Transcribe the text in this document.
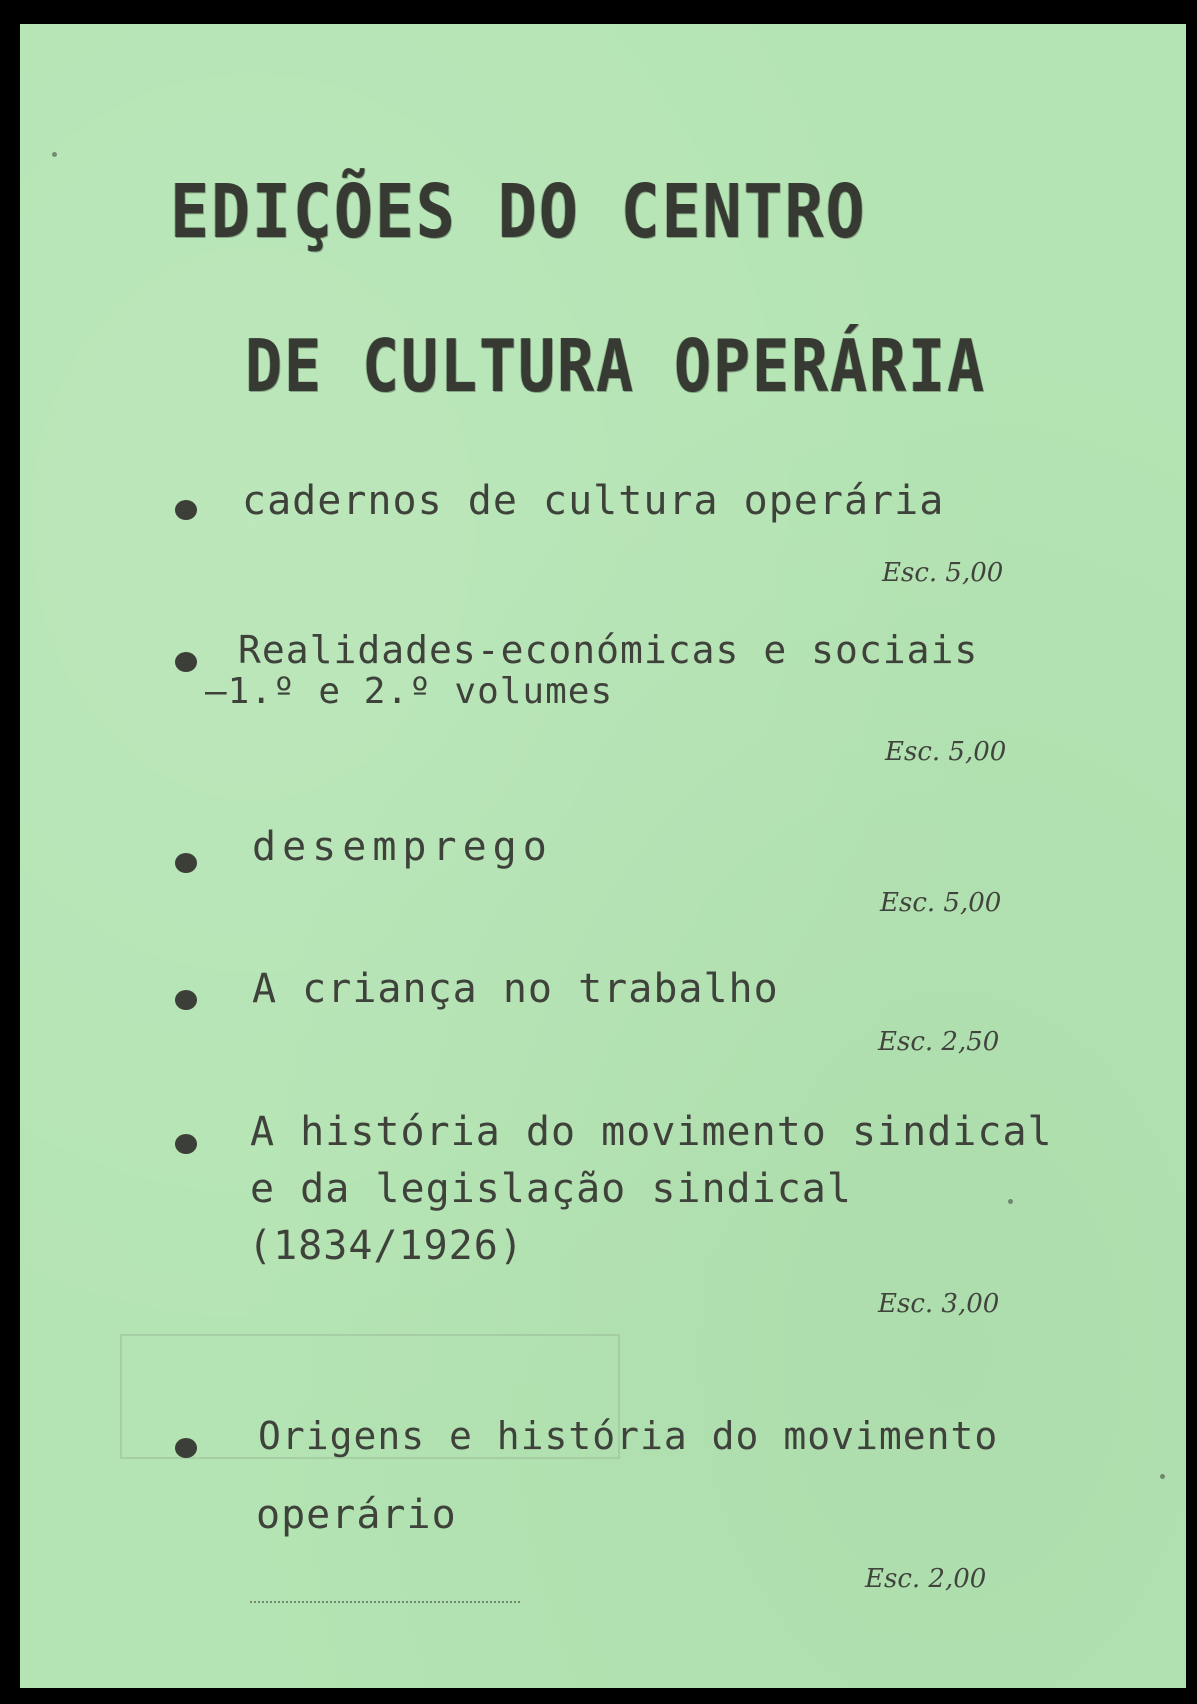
EDIÇÕES DO CENTRO
DE CULTURA OPERÁRIA

cadernos de cultura operária

Esc. 5,00

Realidades-económicas e sociais

–1.º e 2.º volumes

Esc. 5,00

desemprego

Esc. 5,00

A criança no trabalho

Esc. 2,50

A história do movimento sindical

e da legislação sindical

(1834/1926)

Esc. 3,00

Origens e história do movimento

operário

Esc. 2,00
